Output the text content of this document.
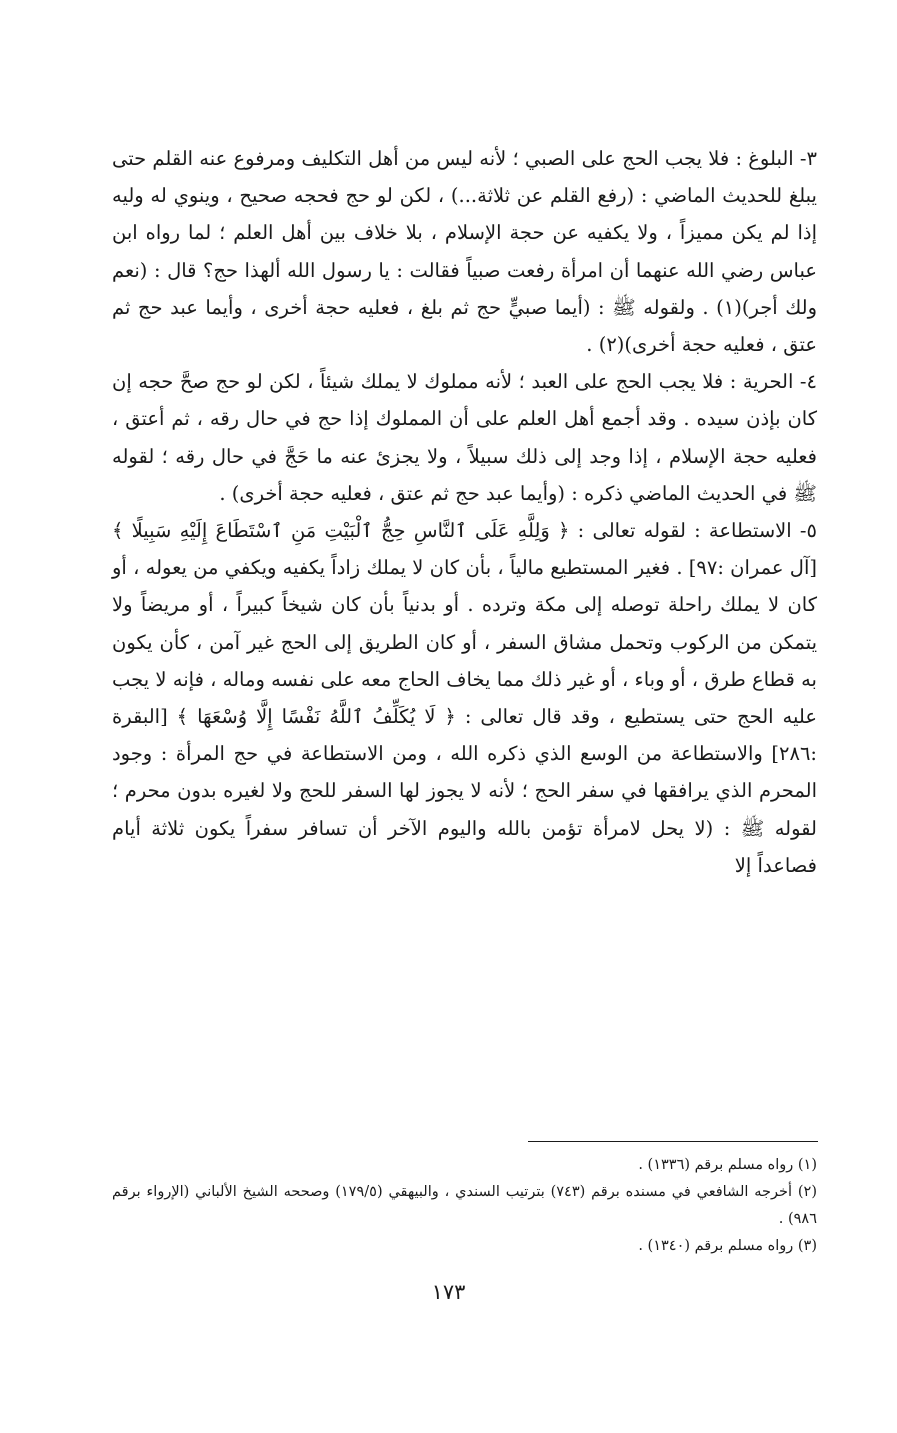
٣- البلوغ : فلا يجب الحج على الصبي ؛ لأنه ليس من أهل التكليف ومرفوع عنه القلم حتى يبلغ للحديث الماضي : (رفع القلم عن ثلاثة...) ، لكن لو حج فحجه صحيح ، وينوي له وليه إذا لم يكن مميزاً ، ولا يكفيه عن حجة الإسلام ، بلا خلاف بين أهل العلم ؛ لما رواه ابن عباس رضي الله عنهما أن امرأة رفعت صبياً فقالت : يا رسول الله ألهذا حج؟ قال : (نعم ولك أجر)(١) . ولقوله ﷺ : (أيما صبيٍّ حج ثم بلغ ، فعليه حجة أخرى ، وأيما عبد حج ثم عتق ، فعليه حجة أخرى)(٢) .

٤- الحرية : فلا يجب الحج على العبد ؛ لأنه مملوك لا يملك شيئاً ، لكن لو حج صحَّ حجه إن كان بإذن سيده . وقد أجمع أهل العلم على أن المملوك إذا حج في حال رقه ، ثم أعتق ، فعليه حجة الإسلام ، إذا وجد إلى ذلك سبيلاً ، ولا يجزئ عنه ما حَجَّ في حال رقه ؛ لقوله ﷺ في الحديث الماضي ذكره : (وأيما عبد حج ثم عتق ، فعليه حجة أخرى) .

٥- الاستطاعة : لقوله تعالى : ﴿ وَلِلَّهِ عَلَى ٱلنَّاسِ حِجُّ ٱلْبَيْتِ مَنِ ٱسْتَطَاعَ إِلَيْهِ سَبِيلًا ﴾ [آل عمران :٩٧] . فغير المستطيع مالياً ، بأن كان لا يملك زاداً يكفيه ويكفي من يعوله ، أو كان لا يملك راحلة توصله إلى مكة وترده . أو بدنياً بأن كان شيخاً كبيراً ، أو مريضاً ولا يتمكن من الركوب وتحمل مشاق السفر ، أو كان الطريق إلى الحج غير آمن ، كأن يكون به قطاع طرق ، أو وباء ، أو غير ذلك مما يخاف الحاج معه على نفسه وماله ، فإنه لا يجب عليه الحج حتى يستطيع ، وقد قال تعالى : ﴿ لَا يُكَلِّفُ ٱللَّهُ نَفْسًا إِلَّا وُسْعَهَا ﴾ [البقرة :٢٨٦] والاستطاعة من الوسع الذي ذكره الله ، ومن الاستطاعة في حج المرأة : وجود المحرم الذي يرافقها في سفر الحج ؛ لأنه لا يجوز لها السفر للحج ولا لغيره بدون محرم ؛ لقوله ﷺ : (لا يحل لامرأة تؤمن بالله واليوم الآخر أن تسافر سفراً يكون ثلاثة أيام فصاعداً إلا

(١) رواه مسلم برقم (١٣٣٦) .

(٢) أخرجه الشافعي في مسنده برقم (٧٤٣) بترتيب السندي ، والبيهقي (١٧٩/٥) وصححه الشيخ الألباني (الإرواء برقم ٩٨٦) .

(٣) رواه مسلم برقم (١٣٤٠) .

١٧٣
